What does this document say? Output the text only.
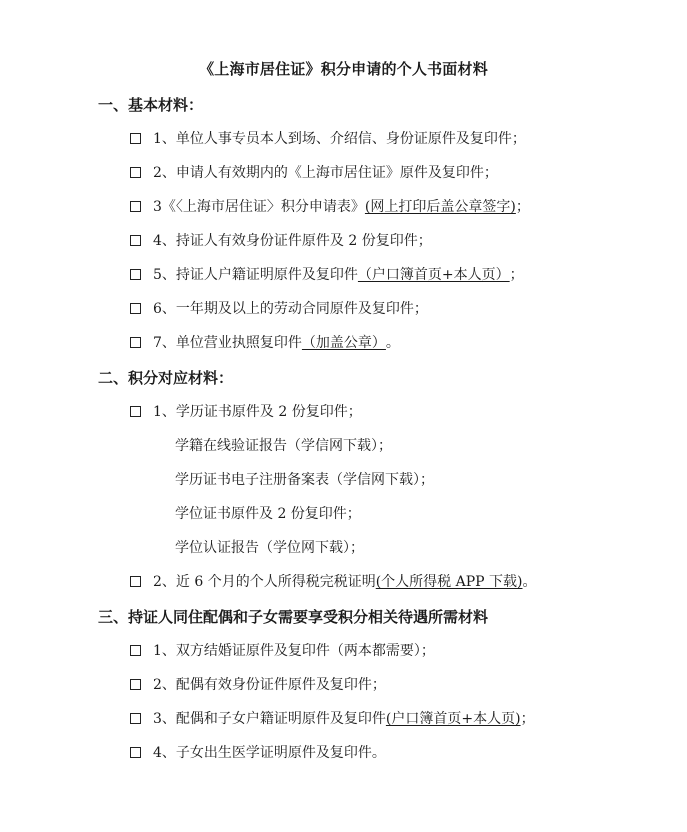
《上海市居住证》积分申请的个人书面材料
一、基本材料：
1、单位人事专员本人到场、介绍信、身份证原件及复印件；
2、申请人有效期内的《上海市居住证》原件及复印件；
3《〈上海市居住证〉积分申请表》 (网上打印后盖公章签字) ；
4、持证人有效身份证件原件及 2 份复印件；
5、持证人户籍证明原件及复印件 （户口簿首页+本人页） ；
6、一年期及以上的劳动合同原件及复印件；
7、单位营业执照复印件 （加盖公章） 。
二、积分对应材料：
1、学历证书原件及 2 份复印件；
学籍在线验证报告（学信网下载）；
学历证书电子注册备案表（学信网下载）；
学位证书原件及 2 份复印件；
学位认证报告（学位网下载）；
2、近 6 个月的个人所得税完税证明 (个人所得税 APP 下载) 。
三、持证人同住配偶和子女需要享受积分相关待遇所需材料
1、双方结婚证原件及复印件（两本都需要）；
2、配偶有效身份证件原件及复印件；
3、配偶和子女户籍证明原件及复印件 (户口簿首页+本人页) ；
4、子女出生医学证明原件及复印件。
